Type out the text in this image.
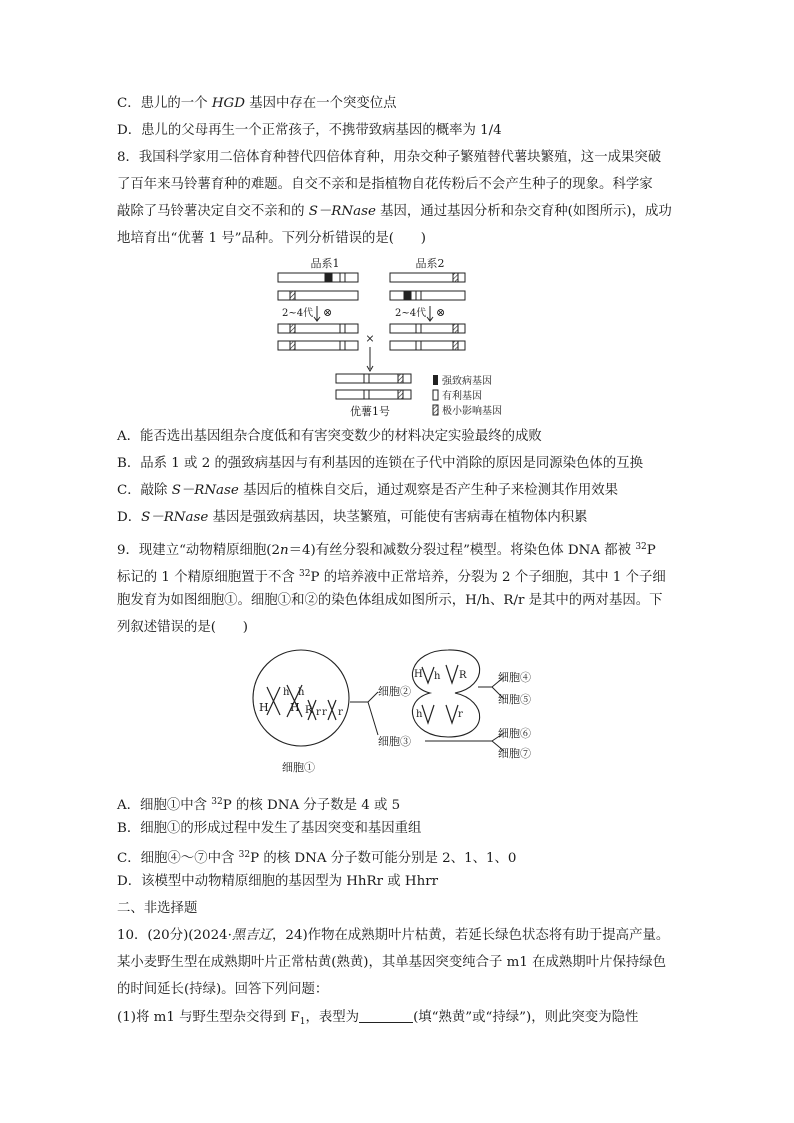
C．患儿的一个 HGD 基因中存在一个突变位点
D．患儿的父母再生一个正常孩子，不携带致病基因的概率为 1/4
8．我国科学家用二倍体育种替代四倍体育种，用杂交种子繁殖替代薯块繁殖，这一成果突破
了百年来马铃薯育种的难题。自交不亲和是指植物自花传粉后不会产生种子的现象。科学家
敲除了马铃薯决定自交不亲和的 S－RNase 基因，通过基因分析和杂交育种(如图所示)，成功
地培育出“优薯 1 号”品种。下列分析错误的是(　　)
品系1	品系2
2~4代 ⊗	2~4代 ⊗
×
优薯1号
强致病基因
有利基因
极小影响基因
A．能否选出基因组杂合度低和有害突变数少的材料决定实验最终的成败
B．品系 1 或 2 的强致病基因与有利基因的连锁在子代中消除的原因是同源染色体的互换
C．敲除 S－RNase 基因后的植株自交后，通过观察是否产生种子来检测其作用效果
D．S－RNase 基因是强致病基因，块茎繁殖，可能使有害病毒在植物体内积累
9．现建立“动物精原细胞(2n＝4)有丝分裂和减数分裂过程”模型。将染色体 DNA 都被 $^{32}$P
标记的 1 个精原细胞置于不含 $^{32}$P 的培养液中正常培养，分裂为 2 个子细胞，其中 1 个子细
胞发育为如图细胞①。细胞①和②的染色体组成如图所示，H/h、R/r 是其中的两对基因。下
列叙述错误的是(　　)
H
h
H
h
R r r r
细胞①
细胞②
细胞③
H h R
h	r
细胞④
细胞⑤
细胞⑥
细胞⑦
A．细胞①中含 $^{32}$P 的核 DNA 分子数是 4 或 5
B．细胞①的形成过程中发生了基因突变和基因重组
C．细胞④～⑦中含 $^{32}$P 的核 DNA 分子数可能分别是 2、1、1、0
D．该模型中动物精原细胞的基因型为 HhRr 或 Hhrr
二、非选择题
10．(20分)(2024·黑吉辽，24)作物在成熟期叶片枯黄，若延长绿色状态将有助于提高产量。
某小麦野生型在成熟期叶片正常枯黄(熟黄)，其单基因突变纯合子 m1 在成熟期叶片保持绿色
的时间延长(持绿)。回答下列问题：
(1)将 m1 与野生型杂交得到 $F_1$，表型为	(填“熟黄”或“持绿”)，则此突变为隐性
